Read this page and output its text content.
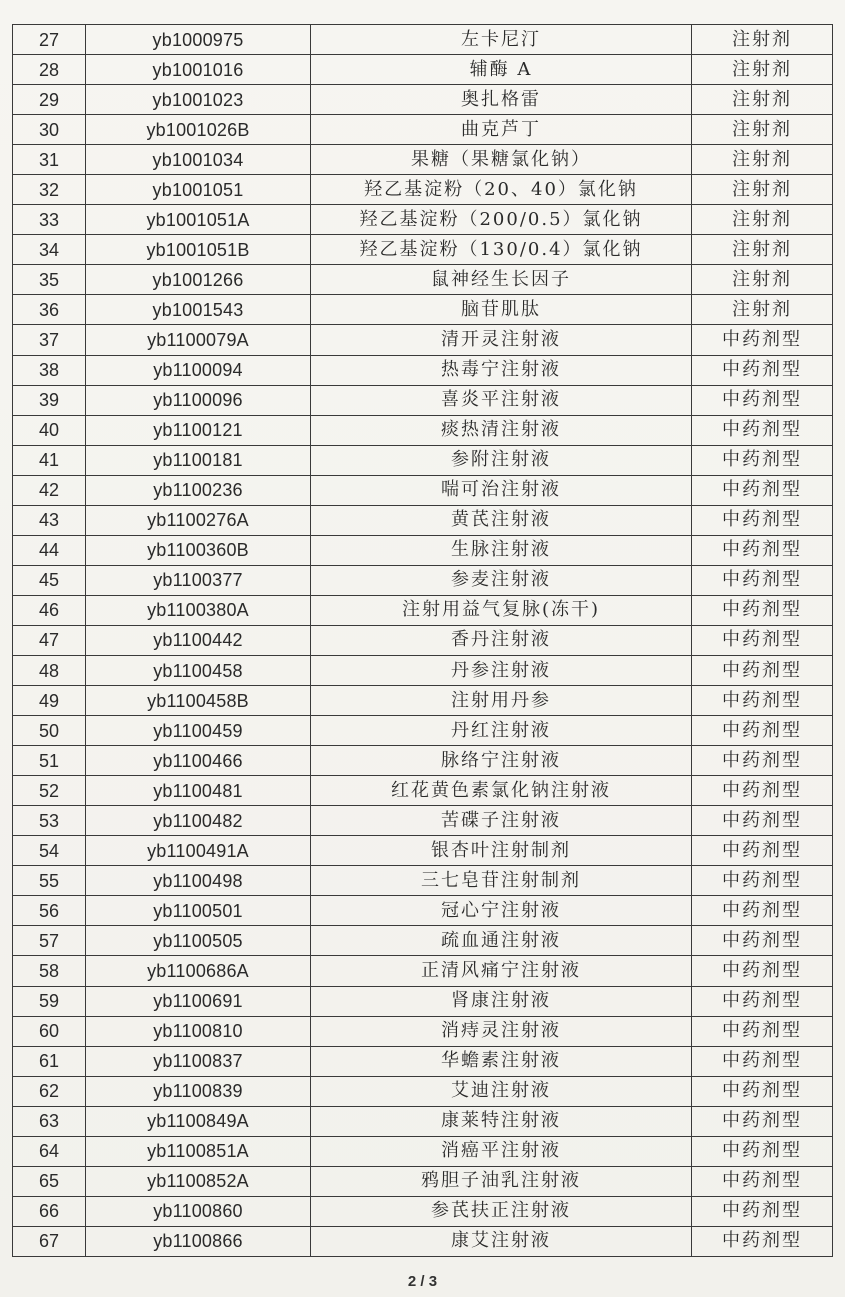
27	yb1000975	左卡尼汀	注射剂
28	yb1001016	辅酶 A	注射剂
29	yb1001023	奥扎格雷	注射剂
30	yb1001026B	曲克芦丁	注射剂
31	yb1001034	果糖（果糖氯化钠）	注射剂
32	yb1001051	羟乙基淀粉（20、40）氯化钠	注射剂
33	yb1001051A	羟乙基淀粉（200/0.5）氯化钠	注射剂
34	yb1001051B	羟乙基淀粉（130/0.4）氯化钠	注射剂
35	yb1001266	鼠神经生长因子	注射剂
36	yb1001543	脑苷肌肽	注射剂
37	yb1100079A	清开灵注射液	中药剂型
38	yb1100094	热毒宁注射液	中药剂型
39	yb1100096	喜炎平注射液	中药剂型
40	yb1100121	痰热清注射液	中药剂型
41	yb1100181	参附注射液	中药剂型
42	yb1100236	喘可治注射液	中药剂型
43	yb1100276A	黄芪注射液	中药剂型
44	yb1100360B	生脉注射液	中药剂型
45	yb1100377	参麦注射液	中药剂型
46	yb1100380A	注射用益气复脉(冻干)	中药剂型
47	yb1100442	香丹注射液	中药剂型
48	yb1100458	丹参注射液	中药剂型
49	yb1100458B	注射用丹参	中药剂型
50	yb1100459	丹红注射液	中药剂型
51	yb1100466	脉络宁注射液	中药剂型
52	yb1100481	红花黄色素氯化钠注射液	中药剂型
53	yb1100482	苦碟子注射液	中药剂型
54	yb1100491A	银杏叶注射制剂	中药剂型
55	yb1100498	三七皂苷注射制剂	中药剂型
56	yb1100501	冠心宁注射液	中药剂型
57	yb1100505	疏血通注射液	中药剂型
58	yb1100686A	正清风痛宁注射液	中药剂型
59	yb1100691	肾康注射液	中药剂型
60	yb1100810	消痔灵注射液	中药剂型
61	yb1100837	华蟾素注射液	中药剂型
62	yb1100839	艾迪注射液	中药剂型
63	yb1100849A	康莱特注射液	中药剂型
64	yb1100851A	消癌平注射液	中药剂型
65	yb1100852A	鸦胆子油乳注射液	中药剂型
66	yb1100860	参芪扶正注射液	中药剂型
67	yb1100866	康艾注射液	中药剂型
2 / 3
